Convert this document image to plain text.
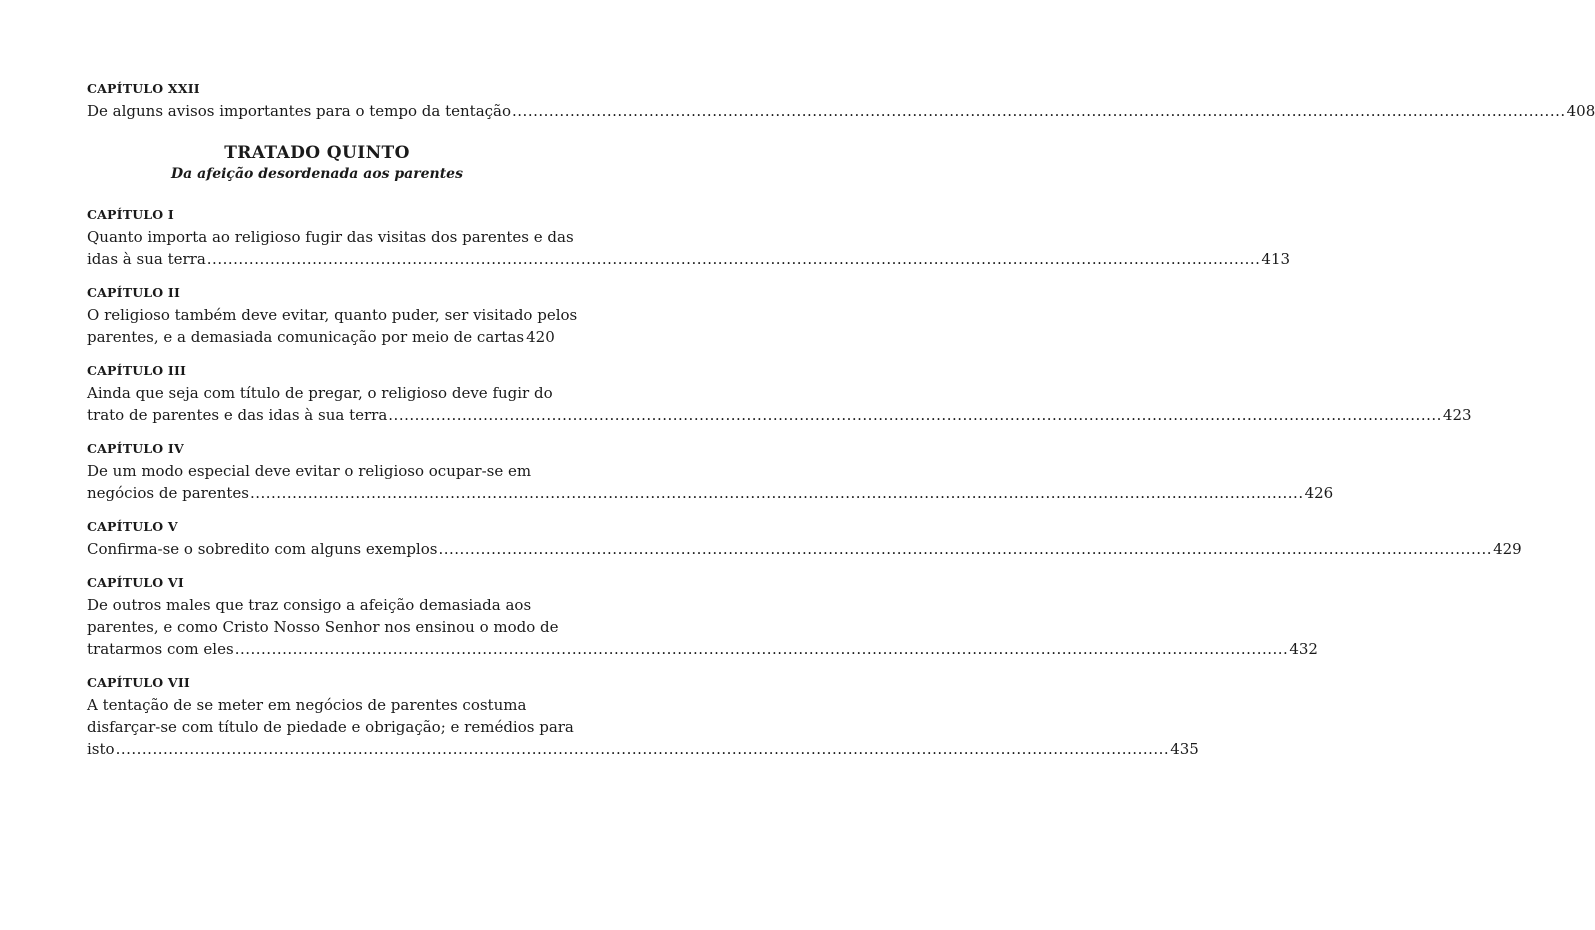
CAPÍTULO XXII
De alguns avisos importantes para o tempo da tentação ........................................................................................................................................................................................................ 408
TRATADO QUINTO
Da afeição desordenada aos parentes
CAPÍTULO I
Quanto importa ao religioso fugir das visitas dos parentes e das
idas à sua terra ........................................................................................................................................................................................................ 413
CAPÍTULO II
O religioso também deve evitar, quanto puder, ser visitado pelos
parentes, e a demasiada comunicação por meio de cartas 420
CAPÍTULO III
Ainda que seja com título de pregar, o religioso deve fugir do
trato de parentes e das idas à sua terra ........................................................................................................................................................................................................ 423
CAPÍTULO IV
De um modo especial deve evitar o religioso ocupar-se em
negócios de parentes ........................................................................................................................................................................................................ 426
CAPÍTULO V
Confirma-se o sobredito com alguns exemplos ........................................................................................................................................................................................................ 429
CAPÍTULO VI
De outros males que traz consigo a afeição demasiada aos
parentes, e como Cristo Nosso Senhor nos ensinou o modo de
tratarmos com eles ........................................................................................................................................................................................................ 432
CAPÍTULO VII
A tentação de se meter em negócios de parentes costuma
disfarçar-se com título de piedade e obrigação; e remédios para
isto ........................................................................................................................................................................................................ 435
